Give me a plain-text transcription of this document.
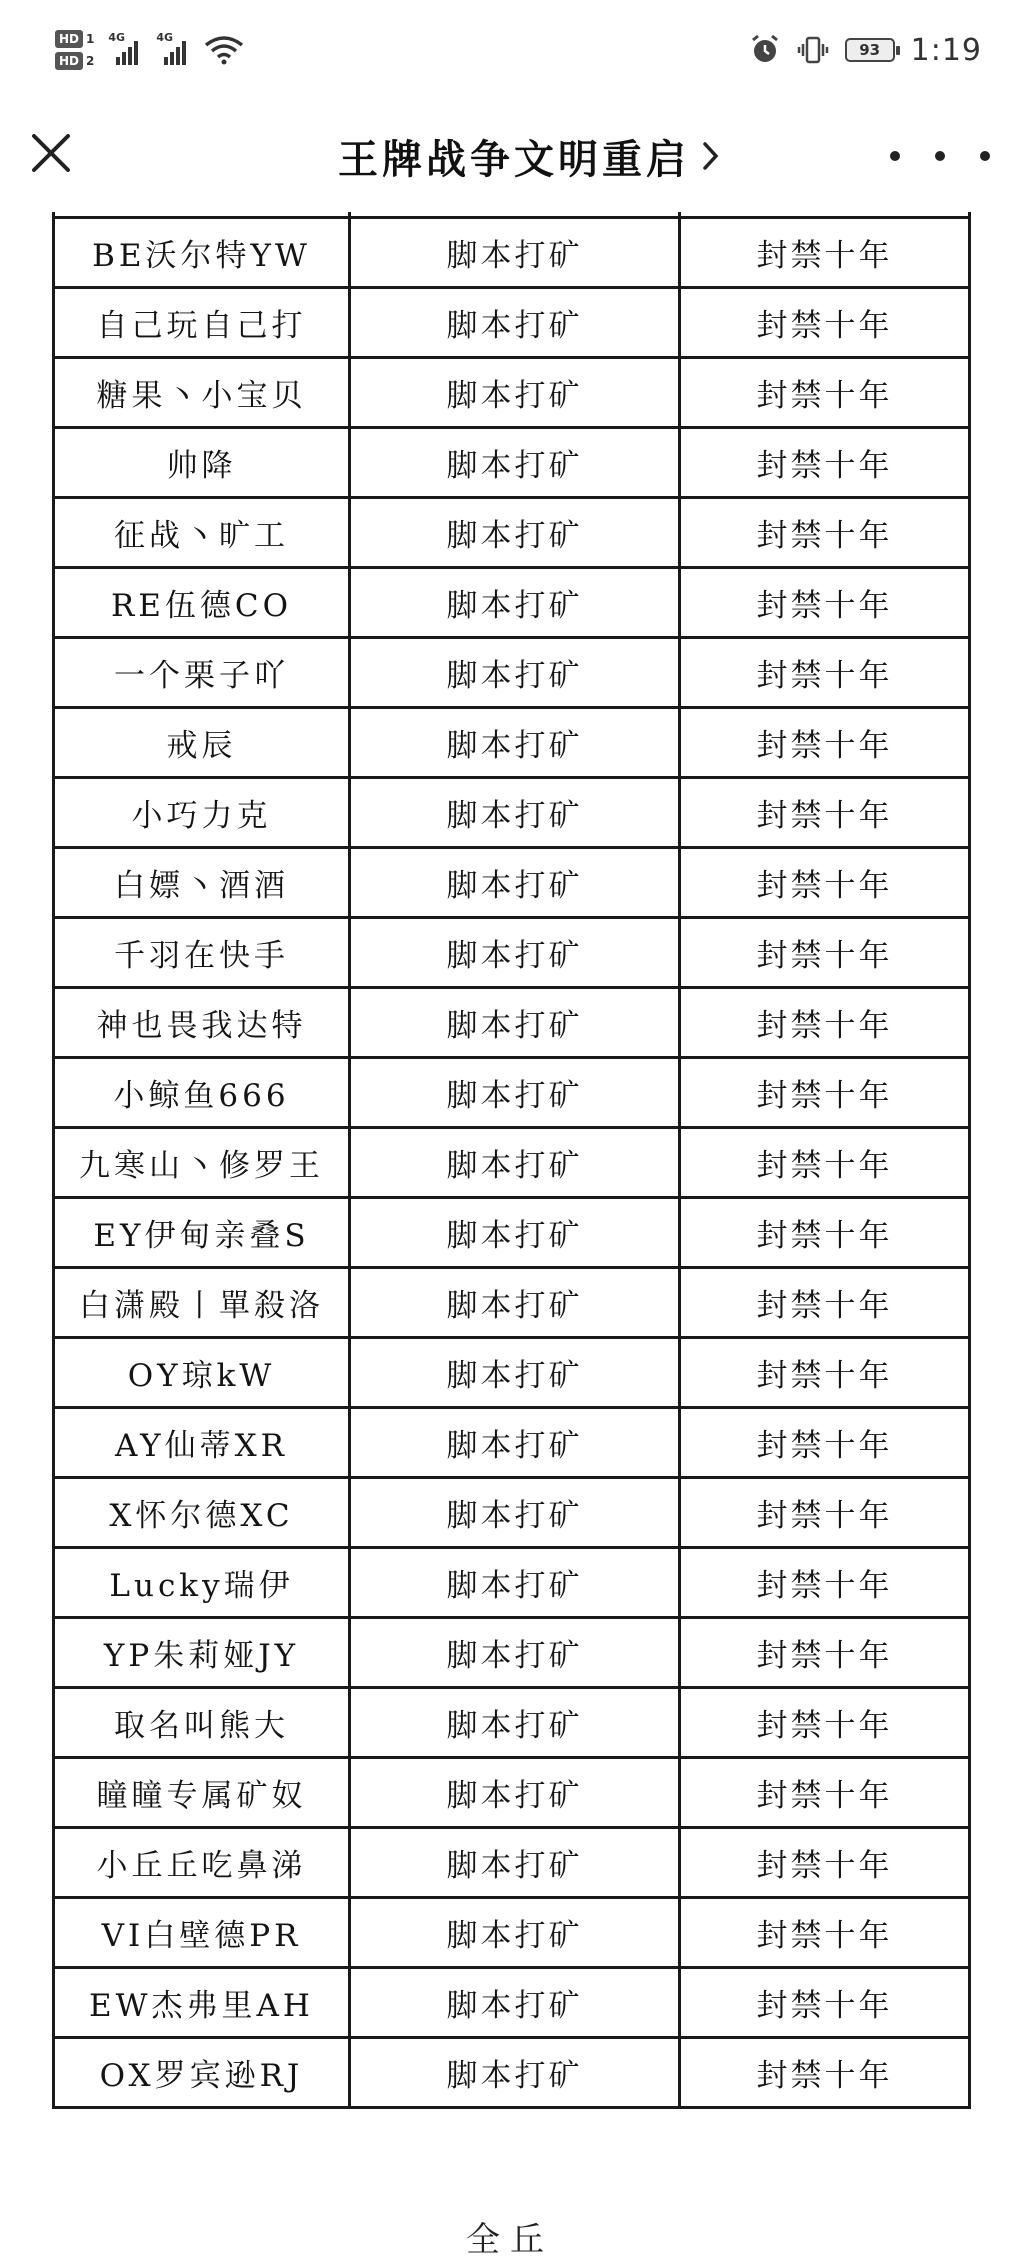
HD 1
HD 2
4G	4G
93 1:19
王牌战争文明重启

BE沃尔特YW	脚本打矿	封禁十年
自己玩自己打	脚本打矿	封禁十年
糖果丶小宝贝	脚本打矿	封禁十年
帅降	脚本打矿	封禁十年
征战丶旷工	脚本打矿	封禁十年
RE伍德CO	脚本打矿	封禁十年
一个栗子吖	脚本打矿	封禁十年
戒辰	脚本打矿	封禁十年
小巧力克	脚本打矿	封禁十年
白嫖丶酒酒	脚本打矿	封禁十年
千羽在快手	脚本打矿	封禁十年
神也畏我达特	脚本打矿	封禁十年
小鲸鱼666	脚本打矿	封禁十年
九寒山丶修罗王	脚本打矿	封禁十年
EY伊甸亲叠S	脚本打矿	封禁十年
白潇殿丨單殺洛	脚本打矿	封禁十年
OY琼kW	脚本打矿	封禁十年
AY仙蒂XR	脚本打矿	封禁十年
X怀尔德XC	脚本打矿	封禁十年
Lucky瑞伊	脚本打矿	封禁十年
YP朱莉娅JY	脚本打矿	封禁十年
取名叫熊大	脚本打矿	封禁十年
瞳瞳专属矿奴	脚本打矿	封禁十年
小丘丘吃鼻涕	脚本打矿	封禁十年
VI白壁德PR	脚本打矿	封禁十年
EW杰弗里AH	脚本打矿	封禁十年
OX罗宾逊RJ	脚本打矿	封禁十年
全丘
